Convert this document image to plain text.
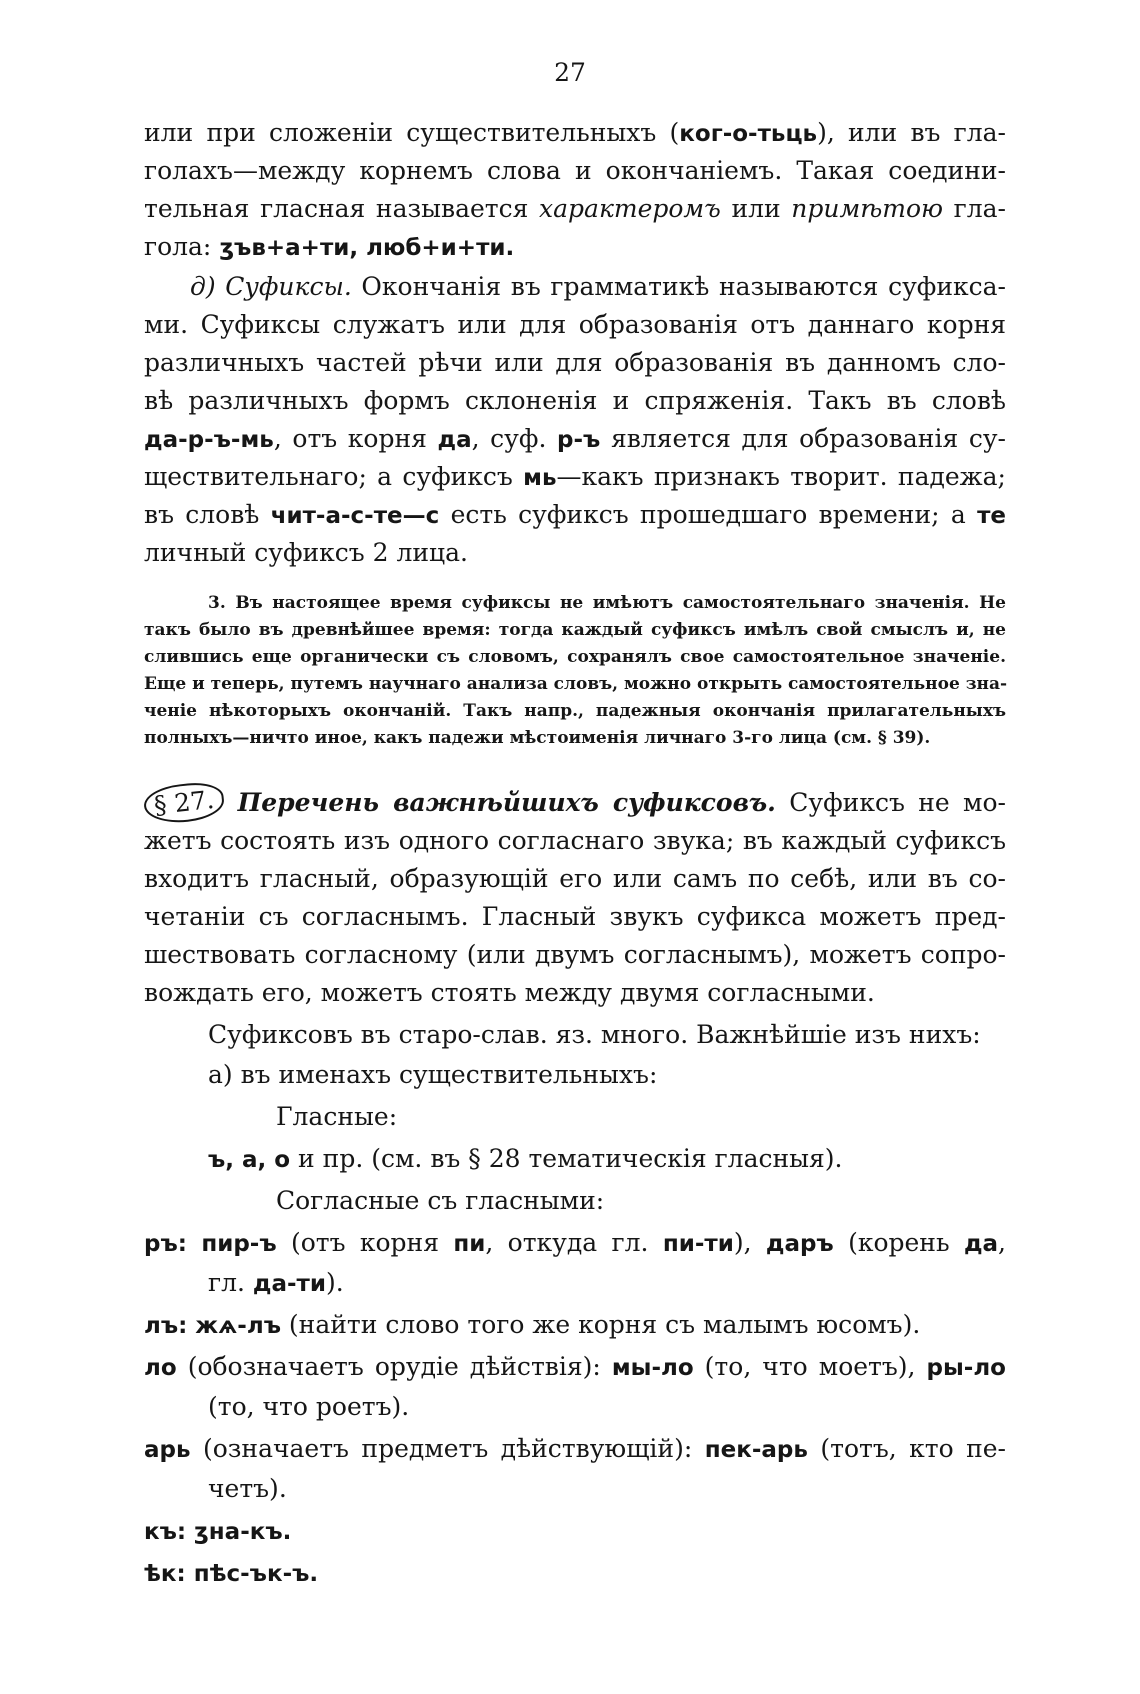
27
или при сложенiи существительныхъ (ког-о-тьць), или въ гла-
голахъ—между корнемъ слова и окончанiемъ. Такая соедини-
тельная гласная называется характеромъ или примѣтою гла-
гола: ӡъв+а+ти, люб+и+ти.
д) Суфиксы. Окончанiя въ грамматикѣ называются суфикса-
ми. Суфиксы служатъ или для образованiя отъ даннаго корня
различныхъ частей рѣчи или для образованiя въ данномъ сло-
вѣ различныхъ формъ склоненiя и спряженiя. Такъ въ словѣ
да-р-ъ-мь, отъ корня да, суф. р-ъ является для образованiя су-
ществительнаго; а суфиксъ мь—какъ признакъ творит. падежа;
въ словѣ чит-а-с-те—с есть суфиксъ прошедшаго времени; а те
личный суфиксъ 2 лица.
3. Въ настоящее время суфиксы не имѣютъ самостоятельнаго значенiя. Не
такъ было въ древнѣйшее время: тогда каждый суфиксъ имѣлъ свой смыслъ и, не
слившись еще органически съ словомъ, сохранялъ свое самостоятельное значенiе.
Еще и теперь, путемъ научнаго анализа словъ, можно открыть самостоятельное зна-
ченiе нѣкоторыхъ окончанiй. Такъ напр., падежныя окончанiя прилагательныхъ
полныхъ—ничто иное, какъ падежи мѣстоименiя личнаго 3-го лица (см. § 39).
§ 27. Перечень важнѣйшихъ суфиксовъ. Суфиксъ не мо-
жетъ состоять изъ одного согласнаго звука; въ каждый суфиксъ
входитъ гласный, образующiй его или самъ по себѣ, или въ со-
четанiи съ согласнымъ. Гласный звукъ суфикса можетъ пред-
шествовать согласному (или двумъ согласнымъ), можетъ сопро-
вождать его, можетъ стоять между двумя согласными.
Суфиксовъ въ старо-слав. яз. много. Важнѣйшiе изъ нихъ:
а) въ именахъ существительныхъ:
Гласные:
ъ, а, о и пр. (см. въ § 28 тематическiя гласныя).
Согласные съ гласными:
ръ: пир-ъ (отъ корня пи, откуда гл. пи-ти), даръ (корень да,
гл. да-ти).
лъ: жѧ-лъ (найти слово того же корня съ малымъ юсомъ).
ло (обозначаетъ орудiе дѣйствiя): мы-ло (то, что моетъ), ры-ло
(то, что роетъ).
арь (означаетъ предметъ дѣйствующiй): пек-арь (тотъ, кто пе-
четъ).
къ: ӡна-къ.
ѣк: пѣс-ък-ъ.
